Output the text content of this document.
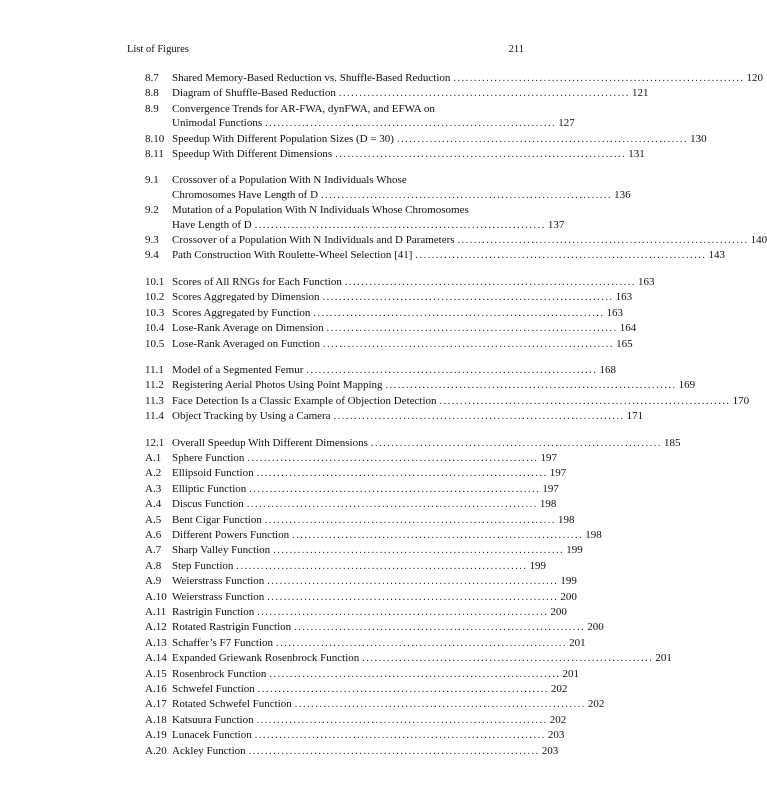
List of Figures	211
8.7 Shared Memory-Based Reduction vs. Shuffle-Based Reduction ....................................................................... 120
8.8 Diagram of Shuffle-Based Reduction ....................................................................... 121
8.9 Convergence Trends for AR-FWA, dynFWA, and EFWA on
Unimodal Functions ....................................................................... 127
8.10 Speedup With Different Population Sizes (D = 30) ....................................................................... 130
8.11 Speedup With Different Dimensions ....................................................................... 131
9.1 Crossover of a Population With N Individuals Whose
Chromosomes Have Length of D ....................................................................... 136
9.2 Mutation of a Population With N Individuals Whose Chromosomes
Have Length of D ....................................................................... 137
9.3 Crossover of a Population With N Individuals and D Parameters ....................................................................... 140
9.4 Path Construction With Roulette-Wheel Selection [41] ....................................................................... 143
10.1 Scores of All RNGs for Each Function ....................................................................... 163
10.2 Scores Aggregated by Dimension ....................................................................... 163
10.3 Scores Aggregated by Function ....................................................................... 163
10.4 Lose-Rank Average on Dimension ....................................................................... 164
10.5 Lose-Rank Averaged on Function ....................................................................... 165
11.1 Model of a Segmented Femur ....................................................................... 168
11.2 Registering Aerial Photos Using Point Mapping ....................................................................... 169
11.3 Face Detection Is a Classic Example of Objection Detection ....................................................................... 170
11.4 Object Tracking by Using a Camera ....................................................................... 171
12.1 Overall Speedup With Different Dimensions ....................................................................... 185
A.1 Sphere Function ....................................................................... 197
A.2 Ellipsoid Function ....................................................................... 197
A.3 Elliptic Function ....................................................................... 197
A.4 Discus Function ....................................................................... 198
A.5 Bent Cigar Function ....................................................................... 198
A.6 Different Powers Function ....................................................................... 198
A.7 Sharp Valley Function ....................................................................... 199
A.8 Step Function ....................................................................... 199
A.9 Weierstrass Function ....................................................................... 199
A.10 Weierstrass Function ....................................................................... 200
A.11 Rastrigin Function ....................................................................... 200
A.12 Rotated Rastrigin Function ....................................................................... 200
A.13 Schaffer’s F7 Function ....................................................................... 201
A.14 Expanded Griewank Rosenbrock Function ....................................................................... 201
A.15 Rosenbrock Function ....................................................................... 201
A.16 Schwefel Function ....................................................................... 202
A.17 Rotated Schwefel Function ....................................................................... 202
A.18 Katsuura Function ....................................................................... 202
A.19 Lunacek Function ....................................................................... 203
A.20 Ackley Function ....................................................................... 203
